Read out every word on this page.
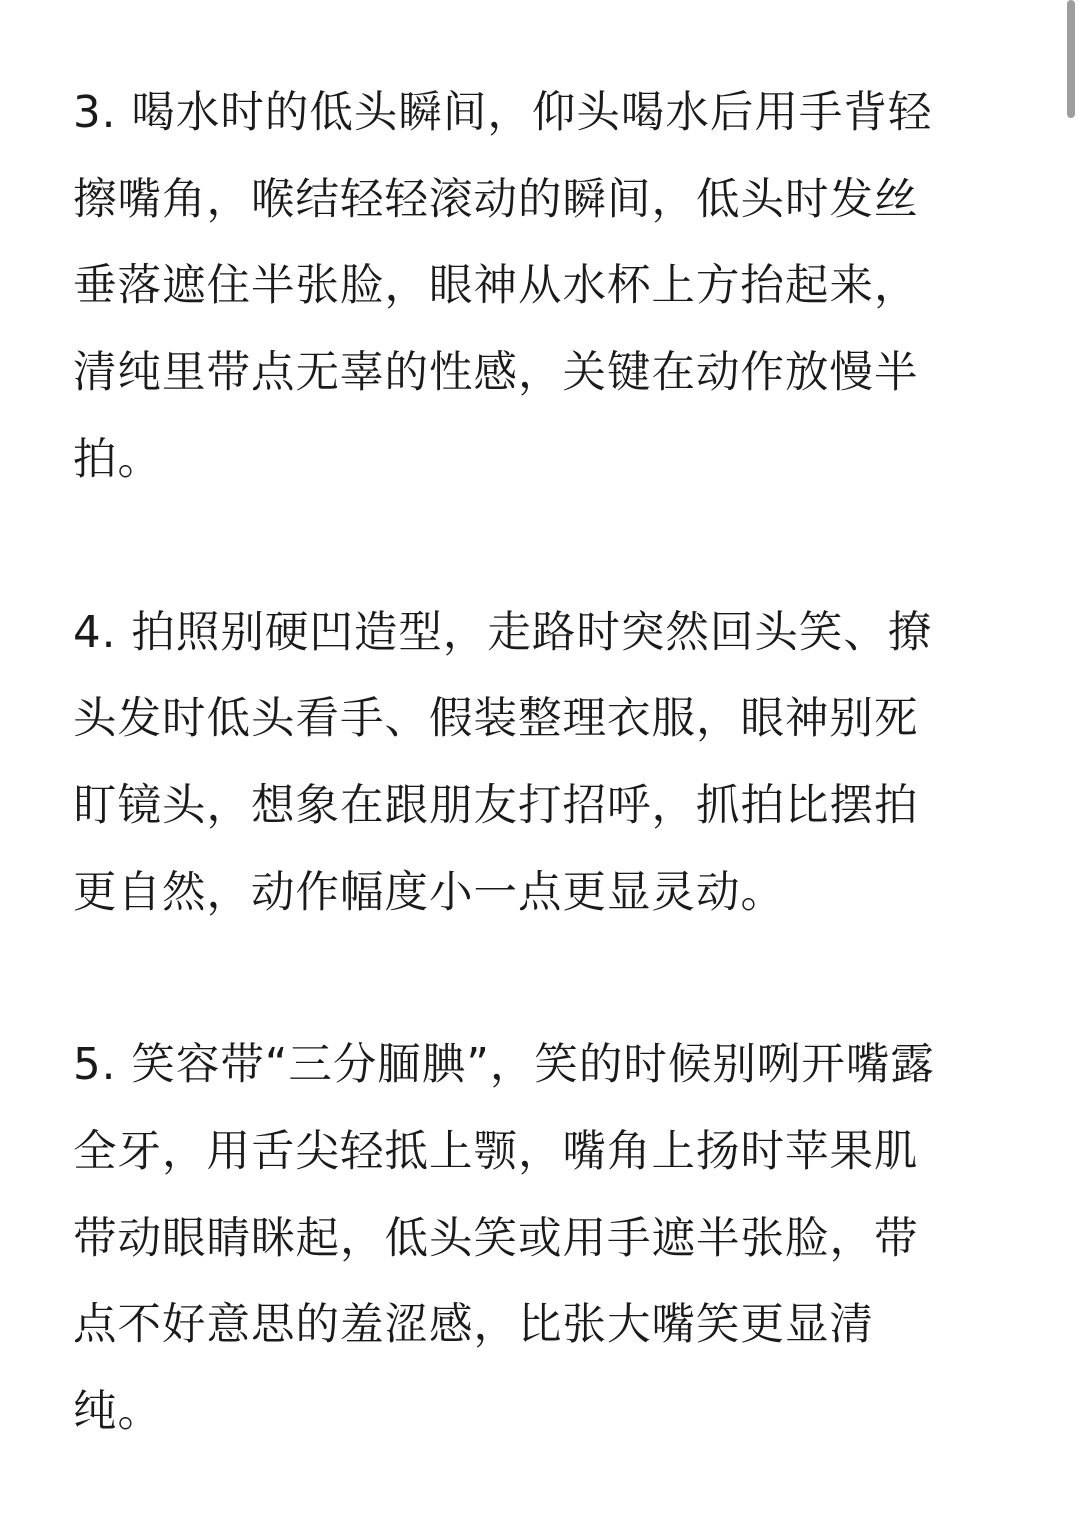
3. 喝水时的低头瞬间，仰头喝水后用手背轻
擦嘴角，喉结轻轻滚动的瞬间，低头时发丝
垂落遮住半张脸，眼神从水杯上方抬起来，
清纯里带点无辜的性感，关键在动作放慢半
拍。

4. 拍照别硬凹造型，走路时突然回头笑、撩
头发时低头看手、假装整理衣服，眼神别死
盯镜头，想象在跟朋友打招呼，抓拍比摆拍
更自然，动作幅度小一点更显灵动。

5. 笑容带“三分腼腆”，笑的时候别咧开嘴露
全牙，用舌尖轻抵上颚，嘴角上扬时苹果肌
带动眼睛眯起，低头笑或用手遮半张脸，带
点不好意思的羞涩感，比张大嘴笑更显清
纯。
